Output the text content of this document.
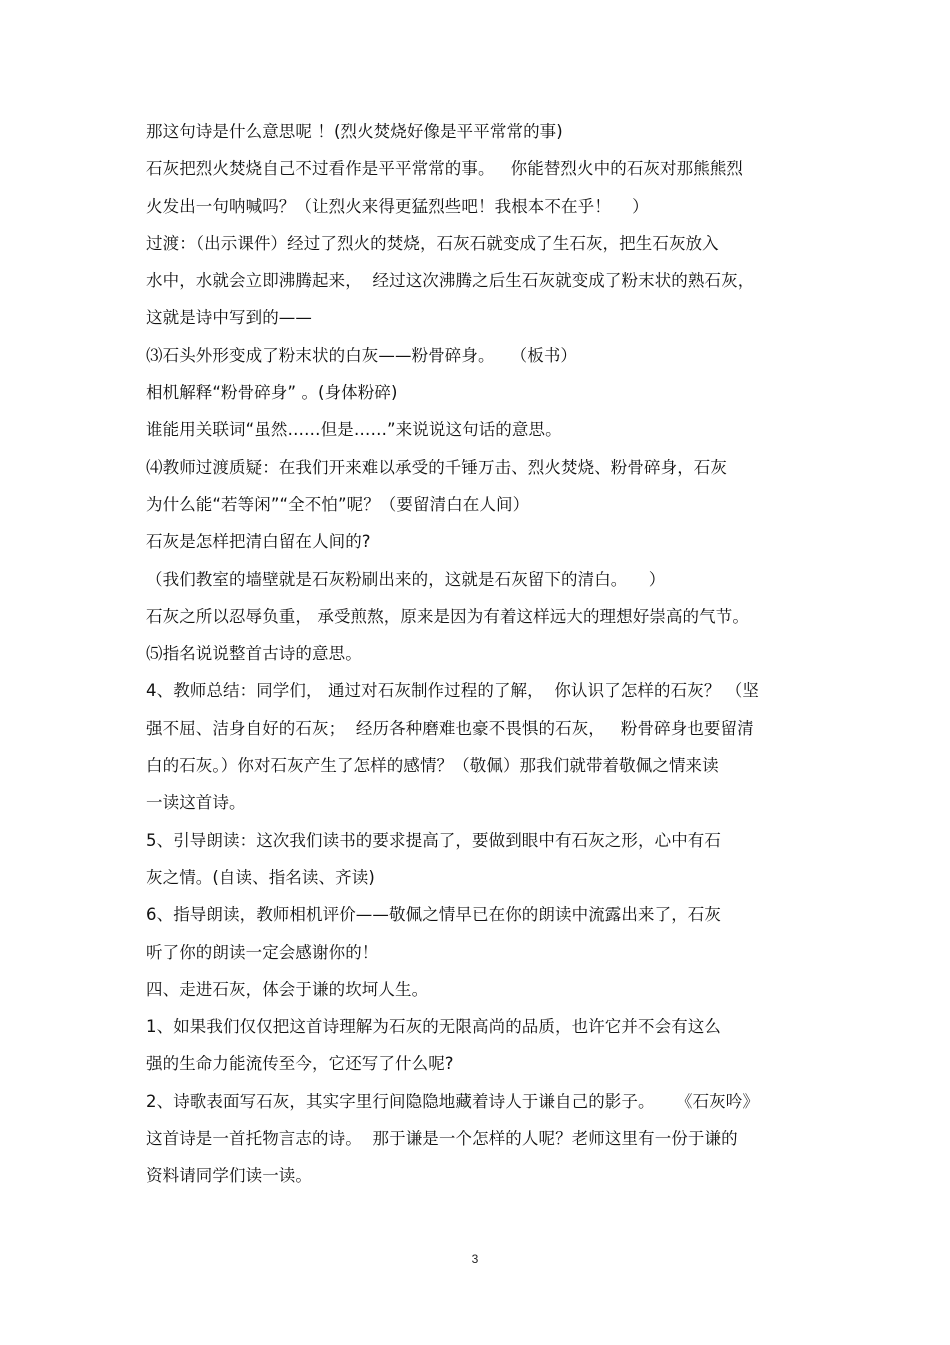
那这句诗是什么意思呢 ！(烈火焚烧好像是平平常常的事)
石灰把烈火焚烧自己不过看作是平平常常的事。   你能替烈火中的石灰对那熊熊烈
火发出一句呐喊吗？（让烈火来得更猛烈些吧！我根本不在乎！    ）
过渡：（出示课件）经过了烈火的焚烧，石灰石就变成了生石灰，把生石灰放入
水中，水就会立即沸腾起来，  经过这次沸腾之后生石灰就变成了粉末状的熟石灰，
这就是诗中写到的——
⑶石头外形变成了粉末状的白灰——粉骨碎身。   （板书）
相机解释“粉骨碎身” 。(身体粉碎)
谁能用关联词“虽然……但是……”来说说这句话的意思。
⑷教师过渡质疑：在我们开来难以承受的千锤万击、烈火焚烧、粉骨碎身，石灰
为什么能“若等闲”“全不怕”呢？（要留清白在人间）
石灰是怎样把清白留在人间的?
（我们教室的墙壁就是石灰粉刷出来的，这就是石灰留下的清白。    ）
石灰之所以忍辱负重， 承受煎熬，原来是因为有着这样远大的理想好崇高的气节。
⑸指名说说整首古诗的意思。
4、教师总结：同学们， 通过对石灰制作过程的了解，  你认识了怎样的石灰？ （坚
强不屈、洁身自好的石灰；  经历各种磨难也豪不畏惧的石灰，   粉骨碎身也要留清
白的石灰。）你对石灰产生了怎样的感情？（敬佩）那我们就带着敬佩之情来读
一读这首诗。
5、引导朗读：这次我们读书的要求提高了，要做到眼中有石灰之形，心中有石
灰之情。(自读、指名读、齐读)
6、指导朗读，教师相机评价——敬佩之情早已在你的朗读中流露出来了，石灰
听了你的朗读一定会感谢你的！
四、走进石灰，体会于谦的坎坷人生。
1、如果我们仅仅把这首诗理解为石灰的无限高尚的品质，也许它并不会有这么
强的生命力能流传至今，它还写了什么呢?
2、诗歌表面写石灰，其实字里行间隐隐地藏着诗人于谦自己的影子。    《石灰吟》
这首诗是一首托物言志的诗。  那于谦是一个怎样的人呢？老师这里有一份于谦的
资料请同学们读一读。
3
